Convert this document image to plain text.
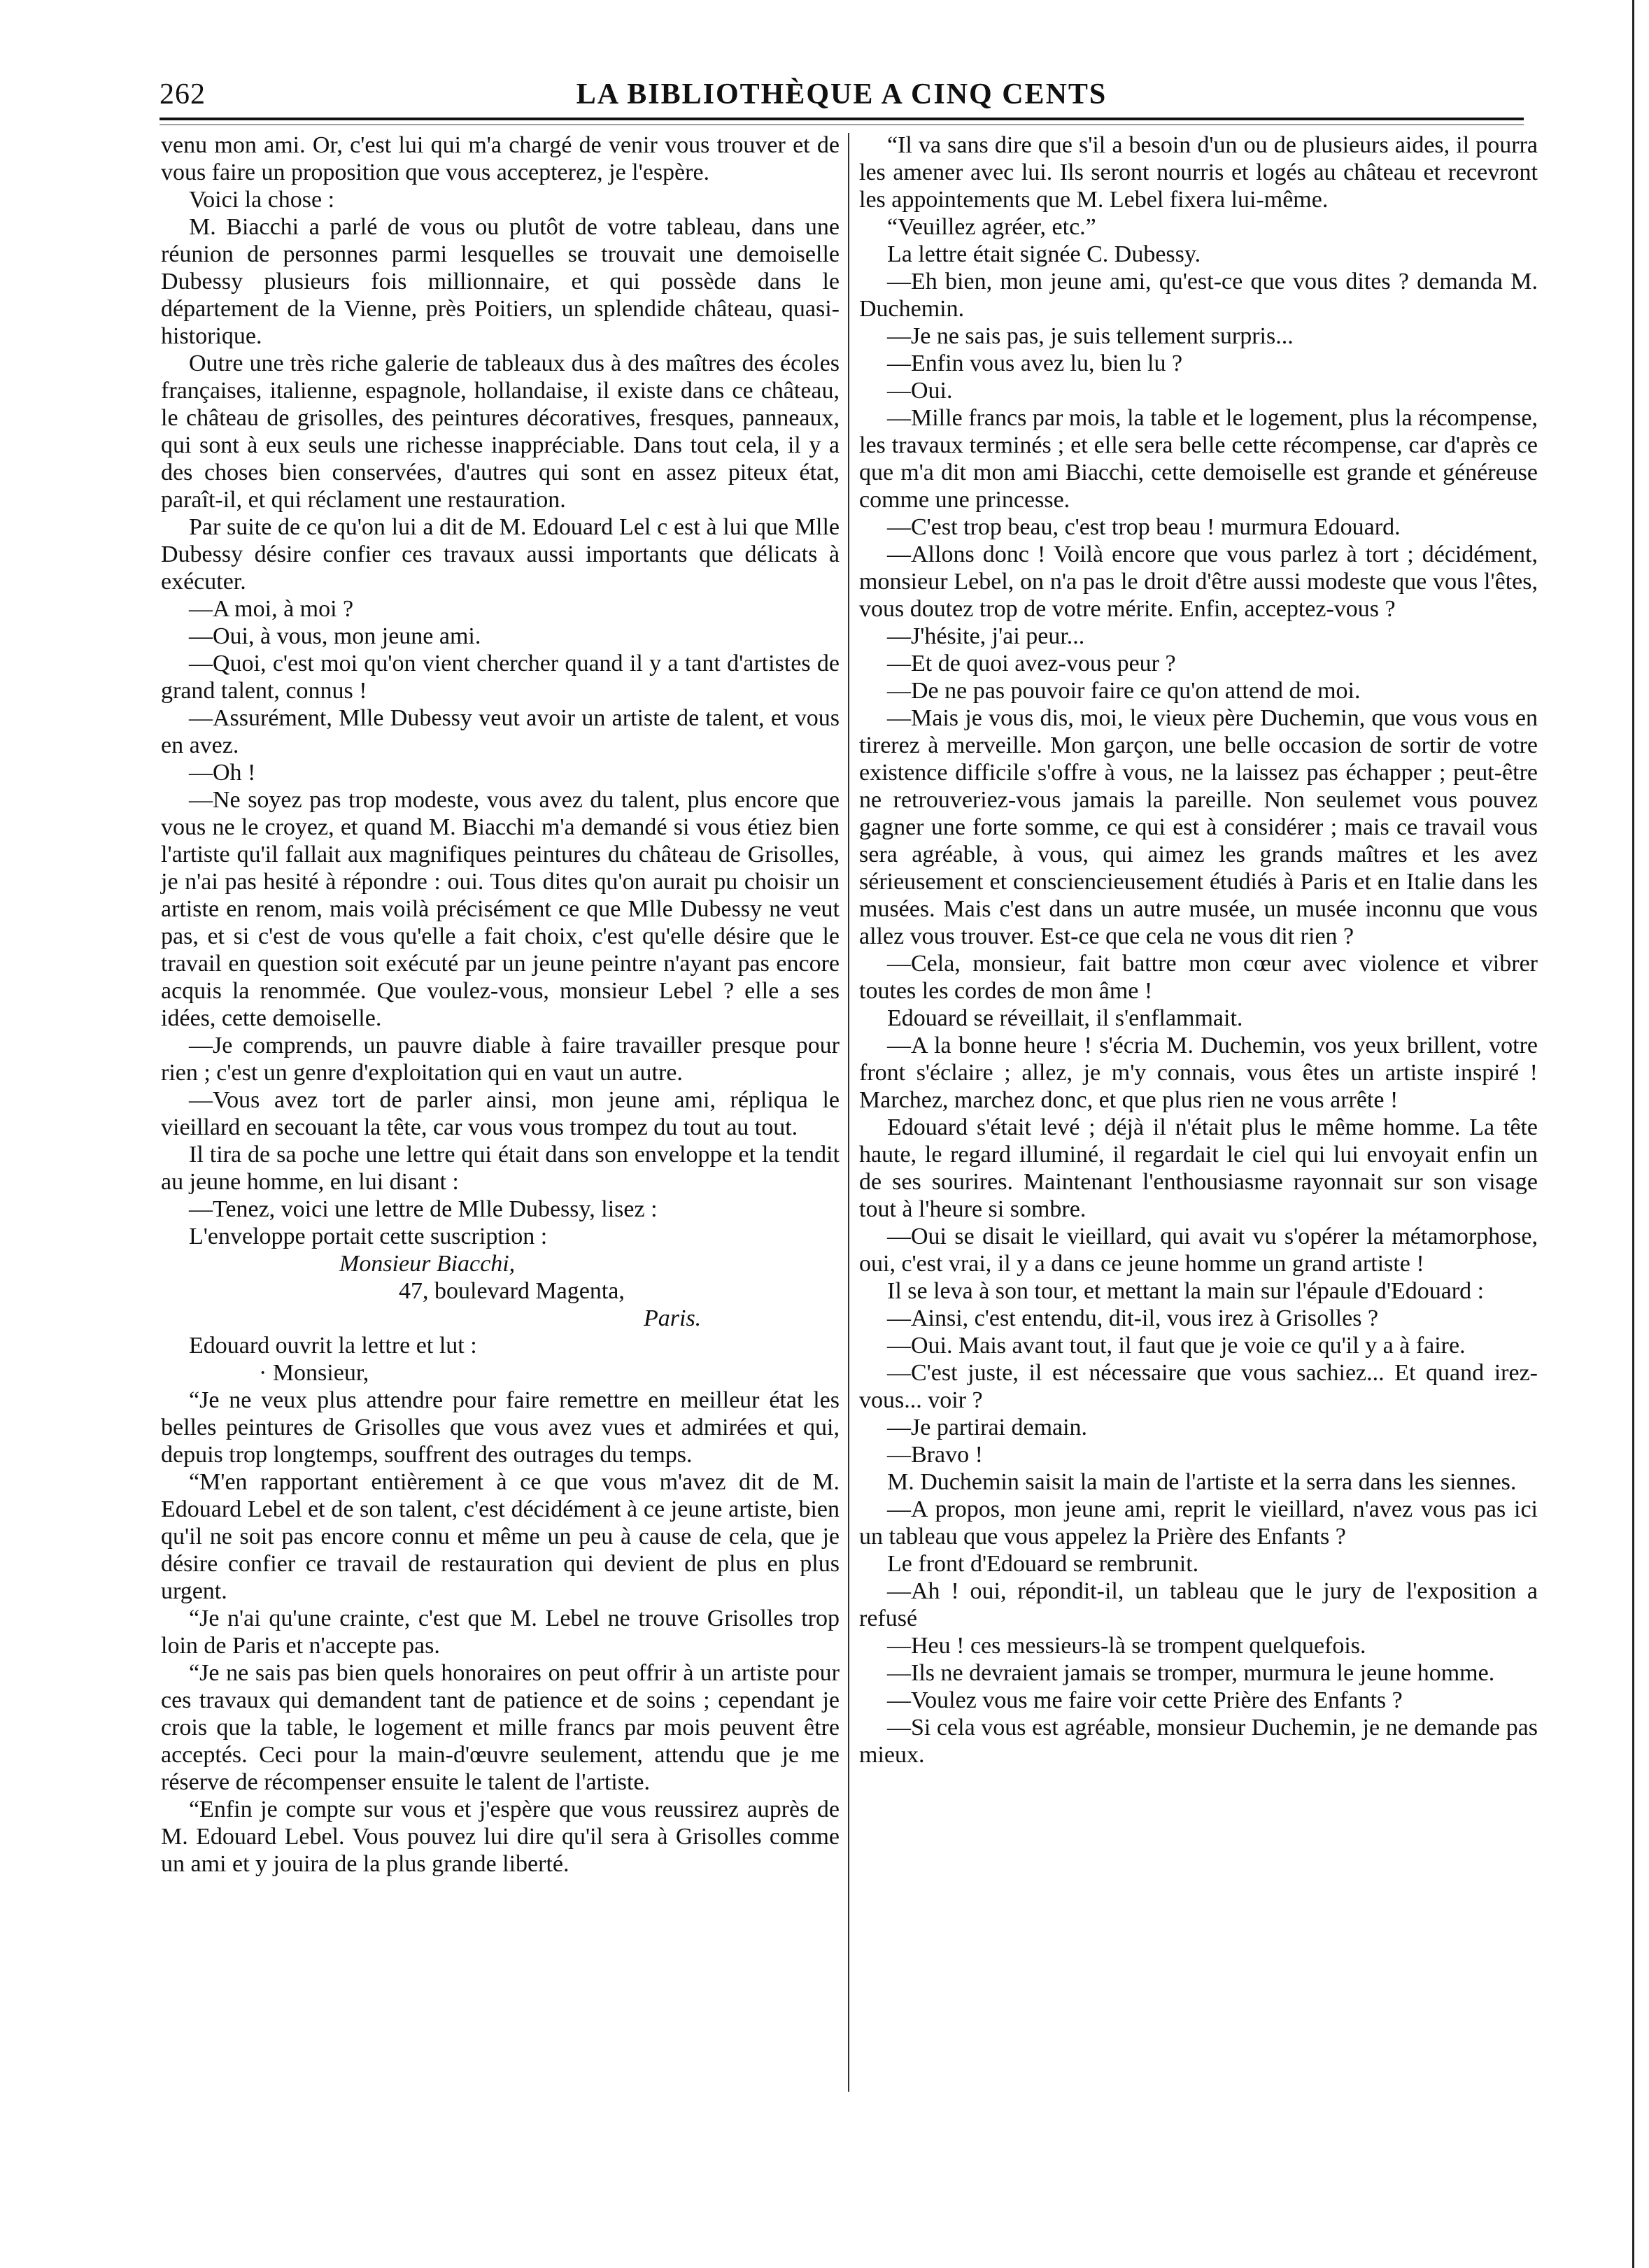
262	LA BIBLIOTHÈQUE A CINQ CENTS

venu mon ami. Or, c'est lui qui m'a chargé de venir vous trouver et de vous faire un proposition que vous accepterez, je l'espère.

Voici la chose :

M. Biacchi a parlé de vous ou plutôt de votre tableau, dans une réunion de personnes parmi lesquelles se trouvait une demoiselle Dubessy plusieurs fois millionnaire, et qui possède dans le département de la Vienne, près Poitiers, un splendide château, quasi- historique.

Outre une très riche galerie de tableaux dus à des maîtres des écoles françaises, italienne, espagnole, hollandaise, il existe dans ce château, le château de grisolles, des peintures décoratives, fresques, panneaux, qui sont à eux seuls une richesse inappréciable. Dans tout cela, il y a des choses bien conservées, d'autres qui sont en assez piteux état, paraît-il, et qui réclament une restauration.

Par suite de ce qu'on lui a dit de M. Edouard Lel c est à lui que Mlle Dubessy désire confier ces travaux aussi importants que délicats à exécuter.

—A moi, à moi ?

—Oui, à vous, mon jeune ami.

—Quoi, c'est moi qu'on vient chercher quand il y a tant d'artistes de grand talent, connus !

—Assurément, Mlle Dubessy veut avoir un artiste de talent, et vous en avez.

—Oh !

—Ne soyez pas trop modeste, vous avez du talent, plus encore que vous ne le croyez, et quand M. Biacchi m'a demandé si vous étiez bien l'artiste qu'il fallait aux magnifiques peintures du château de Grisolles, je n'ai pas hesité à répondre : oui. Tous dites qu'on aurait pu choisir un artiste en renom, mais voilà précisément ce que Mlle Dubessy ne veut pas, et si c'est de vous qu'elle a fait choix, c'est qu'elle désire que le travail en question soit exécuté par un jeune peintre n'ayant pas encore acquis la renommée. Que voulez-vous, monsieur Lebel ? elle a ses idées, cette demoiselle.

—Je comprends, un pauvre diable à faire travailler presque pour rien ; c'est un genre d'exploitation qui en vaut un autre.

—Vous avez tort de parler ainsi, mon jeune ami, répliqua le vieillard en secouant la tête, car vous vous trompez du tout au tout.

Il tira de sa poche une lettre qui était dans son enveloppe et la tendit au jeune homme, en lui disant :

—Tenez, voici une lettre de Mlle Dubessy, lisez :

L'enveloppe portait cette suscription :

Monsieur Biacchi,

47, boulevard Magenta,

Paris.

Edouard ouvrit la lettre et lut :

· Monsieur,

“Je ne veux plus attendre pour faire remettre en meilleur état les belles peintures de Grisolles que vous avez vues et admirées et qui, depuis trop longtemps, souffrent des outrages du temps.

“M'en rapportant entièrement à ce que vous m'avez dit de M. Edouard Lebel et de son talent, c'est décidément à ce jeune artiste, bien qu'il ne soit pas encore connu et même un peu à cause de cela, que je désire confier ce travail de restauration qui devient de plus en plus urgent.

“Je n'ai qu'une crainte, c'est que M. Lebel ne trouve Grisolles trop loin de Paris et n'accepte pas.

“Je ne sais pas bien quels honoraires on peut offrir à un artiste pour ces travaux qui demandent tant de patience et de soins ; cependant je crois que la table, le logement et mille francs par mois peuvent être acceptés. Ceci pour la main-d'œuvre seulement, attendu que je me réserve de récompenser ensuite le talent de l'artiste.

“Enfin je compte sur vous et j'espère que vous reussirez auprès de M. Edouard Lebel. Vous pouvez lui dire qu'il sera à Grisolles comme un ami et y jouira de la plus grande liberté.

“Il va sans dire que s'il a besoin d'un ou de plusieurs aides, il pourra les amener avec lui. Ils seront nourris et logés au château et recevront les appointements que M. Lebel fixera lui-même.

“Veuillez agréer, etc.”

La lettre était signée C. Dubessy.

—Eh bien, mon jeune ami, qu'est-ce que vous dites ? demanda M. Duchemin.

—Je ne sais pas, je suis tellement surpris...

—Enfin vous avez lu, bien lu ?

—Oui.

—Mille francs par mois, la table et le logement, plus la récompense, les travaux terminés ; et elle sera belle cette récompense, car d'après ce que m'a dit mon ami Biacchi, cette demoiselle est grande et généreuse comme une princesse.

—C'est trop beau, c'est trop beau ! murmura Edouard.

—Allons donc ! Voilà encore que vous parlez à tort ; décidément, monsieur Lebel, on n'a pas le droit d'être aussi modeste que vous l'êtes, vous doutez trop de votre mérite. Enfin, acceptez-vous ?

—J'hésite, j'ai peur...

—Et de quoi avez-vous peur ?

—De ne pas pouvoir faire ce qu'on attend de moi.

—Mais je vous dis, moi, le vieux père Duchemin, que vous vous en tirerez à merveille. Mon garçon, une belle occasion de sortir de votre existence difficile s'offre à vous, ne la laissez pas échapper ; peut-être ne retrouveriez-vous jamais la pareille. Non seulemet vous pouvez gagner une forte somme, ce qui est à considérer ; mais ce travail vous sera agréable, à vous, qui aimez les grands maîtres et les avez sérieusement et consciencieusement étudiés à Paris et en Italie dans les musées. Mais c'est dans un autre musée, un musée inconnu que vous allez vous trouver. Est-ce que cela ne vous dit rien ?

—Cela, monsieur, fait battre mon cœur avec violence et vibrer toutes les cordes de mon âme !

Edouard se réveillait, il s'enflammait.

—A la bonne heure ! s'écria M. Duchemin, vos yeux brillent, votre front s'éclaire ; allez, je m'y connais, vous êtes un artiste inspiré ! Marchez, marchez donc, et que plus rien ne vous arrête !

Edouard s'était levé ; déjà il n'était plus le même homme. La tête haute, le regard illuminé, il regardait le ciel qui lui envoyait enfin un de ses sourires. Maintenant l'enthousiasme rayonnait sur son visage tout à l'heure si sombre.

—Oui se disait le vieillard, qui avait vu s'opérer la métamorphose, oui, c'est vrai, il y a dans ce jeune homme un grand artiste !

Il se leva à son tour, et mettant la main sur l'épaule d'Edouard :

—Ainsi, c'est entendu, dit-il, vous irez à Grisolles ?

—Oui. Mais avant tout, il faut que je voie ce qu'il y a à faire.

—C'est juste, il est nécessaire que vous sachiez... Et quand irez-vous... voir ?

—Je partirai demain.

—Bravo !

M. Duchemin saisit la main de l'artiste et la serra dans les siennes.

—A propos, mon jeune ami, reprit le vieillard, n'avez vous pas ici un tableau que vous appelez la Prière des Enfants ?

Le front d'Edouard se rembrunit.

—Ah ! oui, répondit-il, un tableau que le jury de l'exposition a refusé

—Heu ! ces messieurs-là se trompent quelquefois.

—Ils ne devraient jamais se tromper, murmura le jeune homme.

—Voulez vous me faire voir cette Prière des Enfants ?

—Si cela vous est agréable, monsieur Duchemin, je ne demande pas mieux.
